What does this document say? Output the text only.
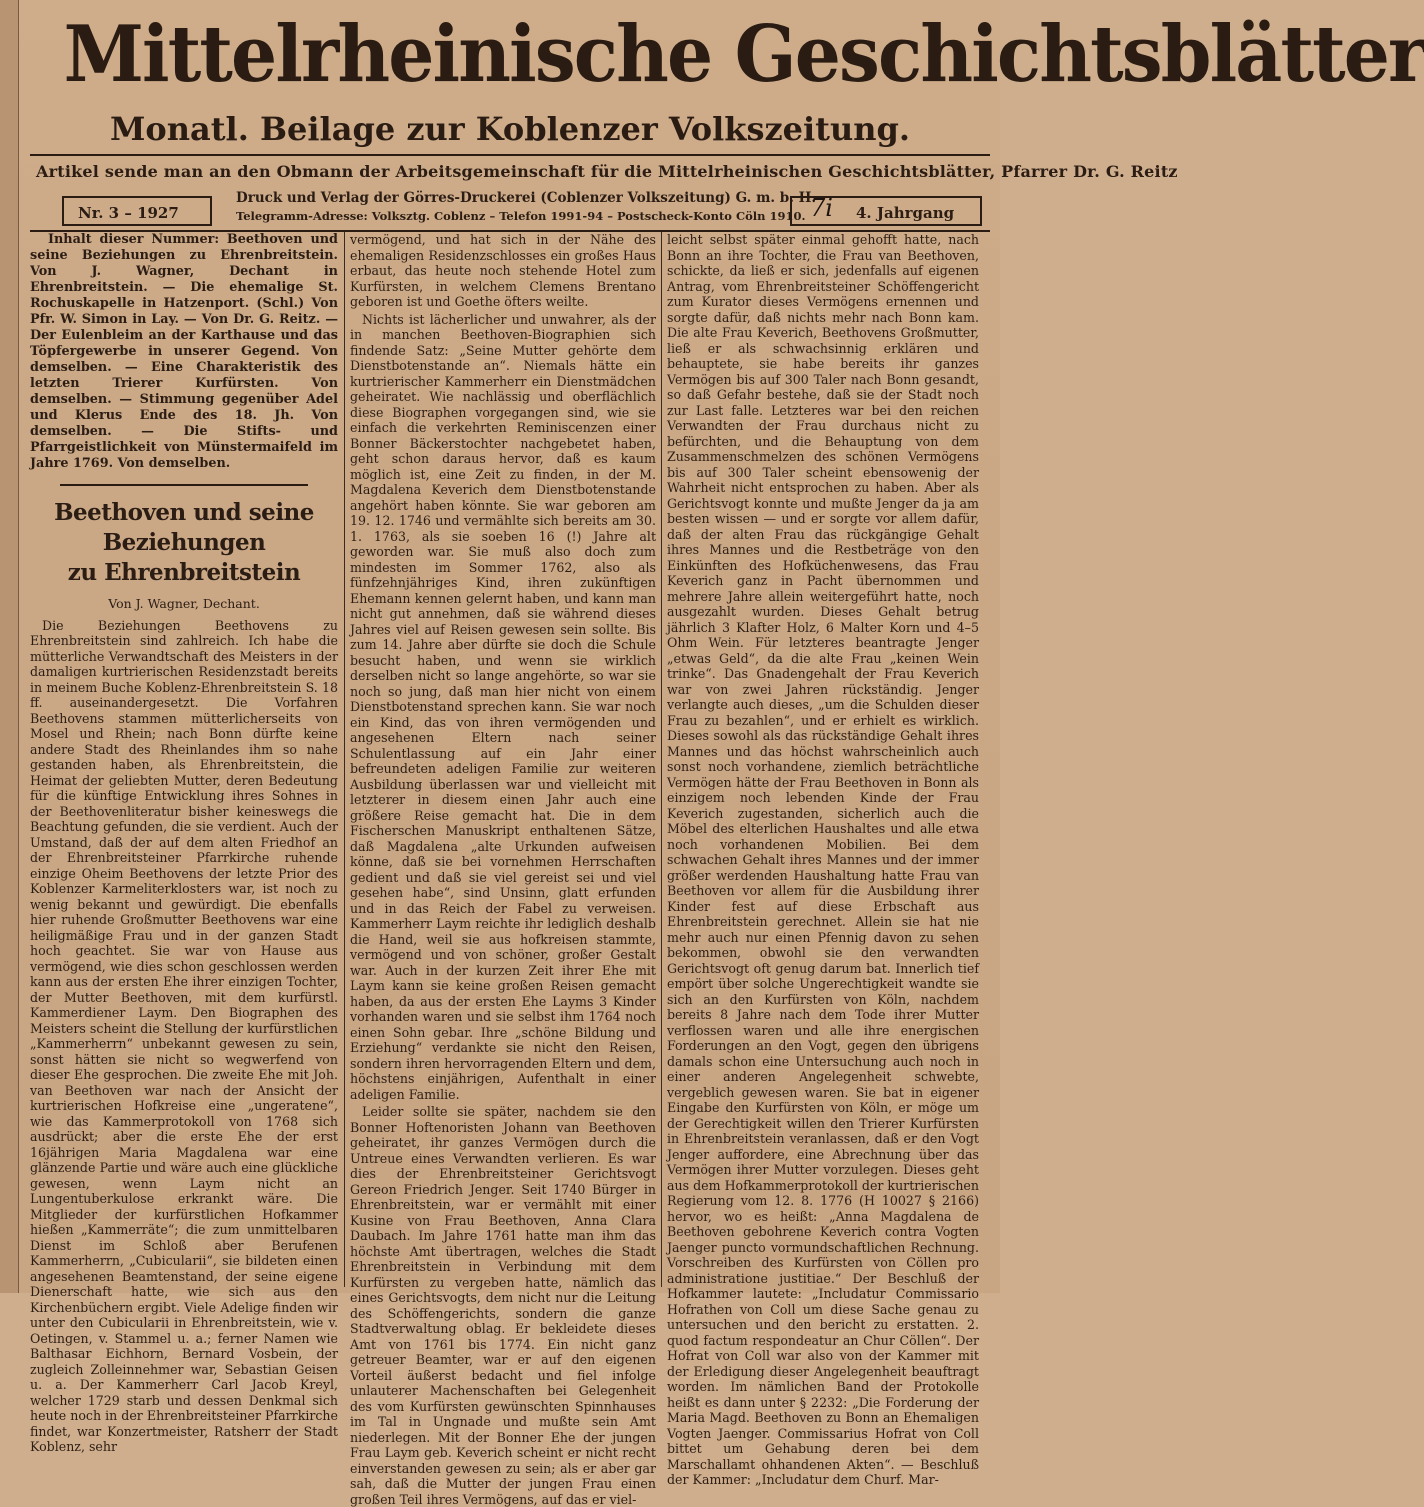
Mittelrheinische Geschichtsblätter
Monatl. Beilage zur Koblenzer Volkszeitung.
Artikel sende man an den Obmann der Arbeitsgemeinschaft für die Mittelrheinischen Geschichtsblätter, Pfarrer Dr. G. Reitz
Nr. 3 – 1927
Druck und Verlag der Görres-Druckerei (Coblenzer Volkszeitung) G. m. b. H.
Telegramm-Adresse: Volksztg. Coblenz – Telefon 1991-94 – Postscheck-Konto Cöln 1910.	4. Jahrgang
7i

Inhalt dieser Nummer: Beethoven und seine Beziehungen zu Ehrenbreitstein. Von J. Wagner, Dechant in Ehrenbreitstein. — Die ehemalige St. Rochuskapelle in Hatzenport. (Schl.) Von Pfr. W. Simon in Lay. — Von Dr. G. Reitz. — Der Eulenbleim an der Karthause und das Töpfergewerbe in unserer Gegend. Von demselben. — Eine Charakteristik des letzten Trierer Kurfürsten. Von demselben. — Stimmung gegenüber Adel und Klerus Ende des 18. Jh. Von demselben. — Die Stifts- und Pfarrgeistlichkeit von Münstermaifeld im Jahre 1769. Von demselben.

Beethoven und seine Beziehungen
zu Ehrenbreitstein
Von J. Wagner, Dechant.

Die Beziehungen Beethovens zu Ehrenbreitstein sind zahlreich. Ich habe die mütterliche Verwandtschaft des Meisters in der damaligen kurtrierischen Residenzstadt bereits in meinem Buche Koblenz-Ehrenbreitstein S. 18 ff. auseinandergesetzt. Die Vorfahren Beethovens stammen mütterlicherseits von Mosel und Rhein; nach Bonn dürfte keine andere Stadt des Rheinlandes ihm so nahe gestanden haben, als Ehrenbreitstein, die Heimat der geliebten Mutter, deren Bedeutung für die künftige Entwicklung ihres Sohnes in der Beethovenliteratur bisher keineswegs die Beachtung gefunden, die sie verdient. Auch der Umstand, daß der auf dem alten Friedhof an der Ehrenbreitsteiner Pfarrkirche ruhende einzige Oheim Beethovens der letzte Prior des Koblenzer Karmeliterklosters war, ist noch zu wenig bekannt und gewürdigt. Die ebenfalls hier ruhende Großmutter Beethovens war eine heiligmäßige Frau und in der ganzen Stadt hoch geachtet. Sie war von Hause aus vermögend, wie dies schon geschlossen werden kann aus der ersten Ehe ihrer einzigen Tochter, der Mutter Beethoven, mit dem kurfürstl. Kammerdiener Laym. Den Biographen des Meisters scheint die Stellung der kurfürstlichen „Kammerherrn“ unbekannt gewesen zu sein, sonst hätten sie nicht so wegwerfend von dieser Ehe gesprochen. Die zweite Ehe mit Joh. van Beethoven war nach der Ansicht der kurtrierischen Hofkreise eine „ungeratene“, wie das Kammerprotokoll von 1768 sich ausdrückt; aber die erste Ehe der erst 16jährigen Maria Magdalena war eine glänzende Partie und wäre auch eine glückliche gewesen, wenn Laym nicht an Lungentuberkulose erkrankt wäre. Die Mitglieder der kurfürstlichen Hofkammer hießen „Kammerräte“; die zum unmittelbaren Dienst im Schloß aber Berufenen Kammerherrn, „Cubicularii“, sie bildeten einen angesehenen Beamtenstand, der seine eigene Dienerschaft hatte, wie sich aus den Kirchenbüchern ergibt. Viele Adelige finden wir unter den Cubicularii in Ehrenbreitstein, wie v. Oetingen, v. Stammel u. a.; ferner Namen wie Balthasar Eichhorn, Bernard Vosbein, der zugleich Zolleinnehmer war, Sebastian Geisen u. a. Der Kammerherr Carl Jacob Kreyl, welcher 1729 starb und dessen Denkmal sich heute noch in der Ehrenbreitsteiner Pfarrkirche findet, war Konzertmeister, Ratsherr der Stadt Koblenz, sehr

vermögend, und hat sich in der Nähe des ehemaligen Residenzschlosses ein großes Haus erbaut, das heute noch stehende Hotel zum Kurfürsten, in welchem Clemens Brentano geboren ist und Goethe öfters weilte.

Nichts ist lächerlicher und unwahrer, als der in manchen Beethoven-Biographien sich findende Satz: „Seine Mutter gehörte dem Dienstbotenstande an“. Niemals hätte ein kurtrierischer Kammerherr ein Dienstmädchen geheiratet. Wie nachlässig und oberflächlich diese Biographen vorgegangen sind, wie sie einfach die verkehrten Reminiscenzen einer Bonner Bäckerstochter nachgebetet haben, geht schon daraus hervor, daß es kaum möglich ist, eine Zeit zu finden, in der M. Magdalena Keverich dem Dienstbotenstande angehört haben könnte. Sie war geboren am 19. 12. 1746 und vermählte sich bereits am 30. 1. 1763, als sie soeben 16 (!) Jahre alt geworden war. Sie muß also doch zum mindesten im Sommer 1762, also als fünfzehnjähriges Kind, ihren zukünftigen Ehemann kennen gelernt haben, und kann man nicht gut annehmen, daß sie während dieses Jahres viel auf Reisen gewesen sein sollte. Bis zum 14. Jahre aber dürfte sie doch die Schule besucht haben, und wenn sie wirklich derselben nicht so lange angehörte, so war sie noch so jung, daß man hier nicht von einem Dienstbotenstand sprechen kann. Sie war noch ein Kind, das von ihren vermögenden und angesehenen Eltern nach seiner Schulentlassung auf ein Jahr einer befreundeten adeligen Familie zur weiteren Ausbildung überlassen war und vielleicht mit letzterer in diesem einen Jahr auch eine größere Reise gemacht hat. Die in dem Fischerschen Manuskript enthaltenen Sätze, daß Magdalena „alte Urkunden aufweisen könne, daß sie bei vornehmen Herrschaften gedient und daß sie viel gereist sei und viel gesehen habe“, sind Unsinn, glatt erfunden und in das Reich der Fabel zu verweisen. Kammerherr Laym reichte ihr lediglich deshalb die Hand, weil sie aus hofkreisen stammte, vermögend und von schöner, großer Gestalt war. Auch in der kurzen Zeit ihrer Ehe mit Laym kann sie keine großen Reisen gemacht haben, da aus der ersten Ehe Layms 3 Kinder vorhanden waren und sie selbst ihm 1764 noch einen Sohn gebar. Ihre „schöne Bildung und Erziehung“ verdankte sie nicht den Reisen, sondern ihren hervorragenden Eltern und dem, höchstens einjährigen, Aufenthalt in einer adeligen Familie.

Leider sollte sie später, nachdem sie den Bonner Hoftenoristen Johann van Beethoven geheiratet, ihr ganzes Vermögen durch die Untreue eines Verwandten verlieren. Es war dies der Ehrenbreitsteiner Gerichtsvogt Gereon Friedrich Jenger. Seit 1740 Bürger in Ehrenbreitstein, war er vermählt mit einer Kusine von Frau Beethoven, Anna Clara Daubach. Im Jahre 1761 hatte man ihm das höchste Amt übertragen, welches die Stadt Ehrenbreitstein in Verbindung mit dem Kurfürsten zu vergeben hatte, nämlich das eines Gerichtsvogts, dem nicht nur die Leitung des Schöffengerichts, sondern die ganze Stadtverwaltung oblag. Er bekleidete dieses Amt von 1761 bis 1774. Ein nicht ganz getreuer Beamter, war er auf den eigenen Vorteil äußerst bedacht und fiel infolge unlauterer Machenschaften bei Gelegenheit des vom Kurfürsten gewünschten Spinnhauses im Tal in Ungnade und mußte sein Amt niederlegen. Mit der Bonner Ehe der jungen Frau Laym geb. Keverich scheint er nicht recht einverstanden gewesen zu sein; als er aber gar sah, daß die Mutter der jungen Frau einen großen Teil ihres Vermögens, auf das er viel-

leicht selbst später einmal gehofft hatte, nach Bonn an ihre Tochter, die Frau van Beethoven, schickte, da ließ er sich, jedenfalls auf eigenen Antrag, vom Ehrenbreitsteiner Schöffengericht zum Kurator dieses Vermögens ernennen und sorgte dafür, daß nichts mehr nach Bonn kam. Die alte Frau Keverich, Beethovens Großmutter, ließ er als schwachsinnig erklären und behauptete, sie habe bereits ihr ganzes Vermögen bis auf 300 Taler nach Bonn gesandt, so daß Gefahr bestehe, daß sie der Stadt noch zur Last falle. Letzteres war bei den reichen Verwandten der Frau durchaus nicht zu befürchten, und die Behauptung von dem Zusammenschmelzen des schönen Vermögens bis auf 300 Taler scheint ebensowenig der Wahrheit nicht entsprochen zu haben. Aber als Gerichtsvogt konnte und mußte Jenger da ja am besten wissen — und er sorgte vor allem dafür, daß der alten Frau das rückgängige Gehalt ihres Mannes und die Restbeträge von den Einkünften des Hofküchenwesens, das Frau Keverich ganz in Pacht übernommen und mehrere Jahre allein weitergeführt hatte, noch ausgezahlt wurden. Dieses Gehalt betrug jährlich 3 Klafter Holz, 6 Malter Korn und 4–5 Ohm Wein. Für letzteres beantragte Jenger „etwas Geld“, da die alte Frau „keinen Wein trinke“. Das Gnadengehalt der Frau Keverich war von zwei Jahren rückständig. Jenger verlangte auch dieses, „um die Schulden dieser Frau zu bezahlen“, und er erhielt es wirklich. Dieses sowohl als das rückständige Gehalt ihres Mannes und das höchst wahrscheinlich auch sonst noch vorhandene, ziemlich beträchtliche Vermögen hätte der Frau Beethoven in Bonn als einzigem noch lebenden Kinde der Frau Keverich zugestanden, sicherlich auch die Möbel des elterlichen Haushaltes und alle etwa noch vorhandenen Mobilien. Bei dem schwachen Gehalt ihres Mannes und der immer größer werdenden Haushaltung hatte Frau van Beethoven vor allem für die Ausbildung ihrer Kinder fest auf diese Erbschaft aus Ehrenbreitstein gerechnet. Allein sie hat nie mehr auch nur einen Pfennig davon zu sehen bekommen, obwohl sie den verwandten Gerichtsvogt oft genug darum bat. Innerlich tief empört über solche Ungerechtigkeit wandte sie sich an den Kurfürsten von Köln, nachdem bereits 8 Jahre nach dem Tode ihrer Mutter verflossen waren und alle ihre energischen Forderungen an den Vogt, gegen den übrigens damals schon eine Untersuchung auch noch in einer anderen Angelegenheit schwebte, vergeblich gewesen waren. Sie bat in eigener Eingabe den Kurfürsten von Köln, er möge um der Gerechtigkeit willen den Trierer Kurfürsten in Ehrenbreitstein veranlassen, daß er den Vogt Jenger auffordere, eine Abrechnung über das Vermögen ihrer Mutter vorzulegen. Dieses geht aus dem Hofkammerprotokoll der kurtrierischen Regierung vom 12. 8. 1776 (H 10027 § 2166) hervor, wo es heißt: „Anna Magdalena de Beethoven gebohrene Keverich contra Vogten Jaenger puncto vormundschaftlichen Rechnung. Vorschreiben des Kurfürsten von Cöllen pro administratione justitiae.“ Der Beschluß der Hofkammer lautete: „Includatur Commissario Hofrathen von Coll um diese Sache genau zu untersuchen und den bericht zu erstatten. 2. quod factum respondeatur an Chur Cöllen“. Der Hofrat von Coll war also von der Kammer mit der Erledigung dieser Angelegenheit beauftragt worden. Im nämlichen Band der Protokolle heißt es dann unter § 2232: „Die Forderung der Maria Magd. Beethoven zu Bonn an Ehemaligen Vogten Jaenger. Commissarius Hofrat von Coll bittet um Gehabung deren bei dem Marschallamt ohhandenen Akten“. — Beschluß der Kammer: „Includatur dem Churf. Mar-
